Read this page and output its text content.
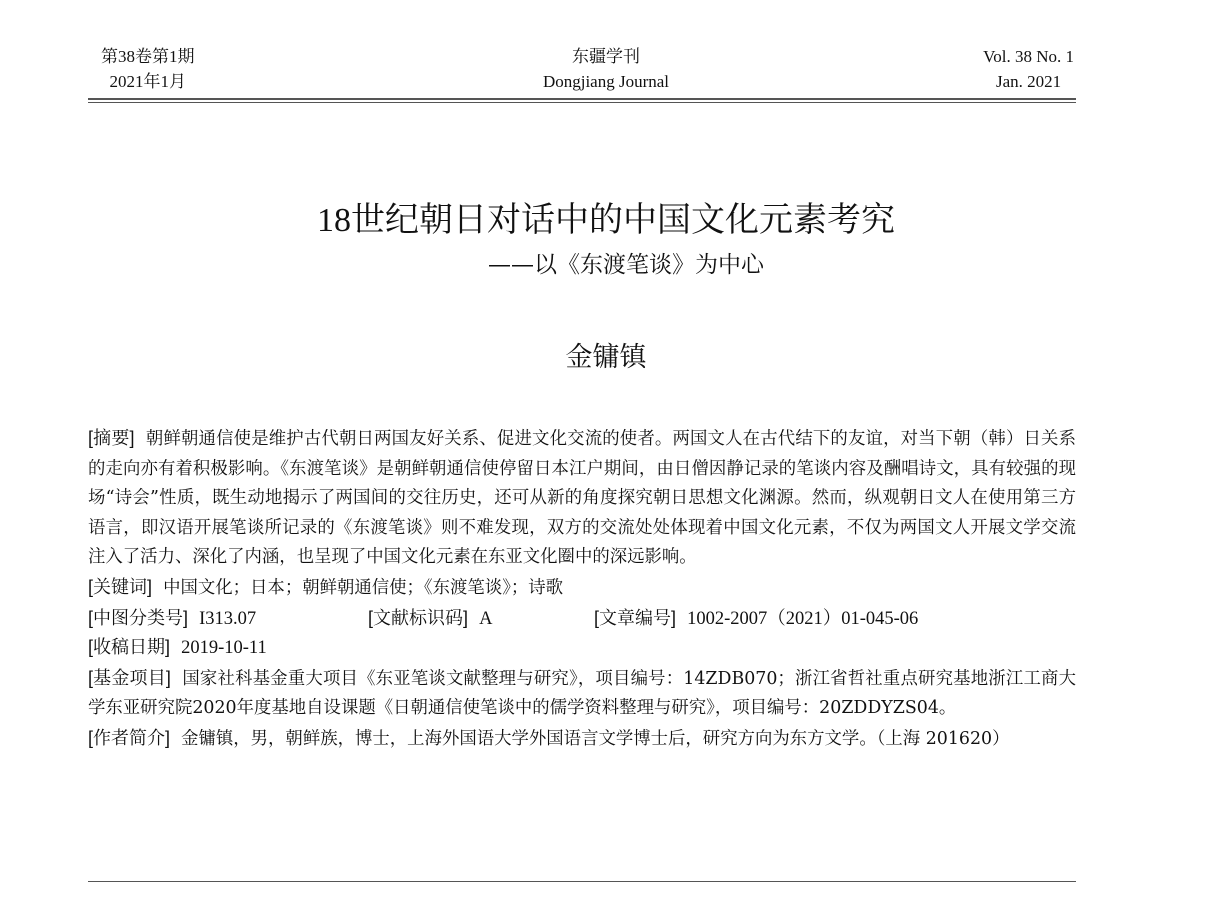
第38卷第1期
2021年1月
东疆学刊
Dongjiang Journal
Vol. 38 No. 1
Jan. 2021
18世纪朝日对话中的中国文化元素考究
——以《东渡笔谈》为中心
金镛镇

[摘要] 朝鲜朝通信使是维护古代朝日两国友好关系、促进文化交流的使者。两国文人在古代结下的友谊，对当下朝（韩）日关系的走向亦有着积极影响。《东渡笔谈》是朝鲜朝通信使停留日本江户期间，由日僧因静记录的笔谈内容及酬唱诗文，具有较强的现场“诗会”性质，既生动地揭示了两国间的交往历史，还可从新的角度探究朝日思想文化渊源。然而，纵观朝日文人在使用第三方语言，即汉语开展笔谈所记录的《东渡笔谈》则不难发现，双方的交流处处体现着中国文化元素，不仅为两国文人开展文学交流注入了活力、深化了内涵，也呈现了中国文化元素在东亚文化圈中的深远影响。

[关键词] 中国文化；日本；朝鲜朝通信使；《东渡笔谈》；诗歌

[中图分类号] I313.07	[文献标识码] A	[文章编号] 1002-2007（2021）01-045-06

[收稿日期] 2019-10-11

[基金项目] 国家社科基金重大项目《东亚笔谈文献整理与研究》，项目编号：14ZDB070；浙江省哲社重点研究基地浙江工商大学东亚研究院2020年度基地自设课题《日朝通信使笔谈中的儒学资料整理与研究》，项目编号：20ZDDYZS04。

[作者简介] 金镛镇，男，朝鲜族，博士，上海外国语大学外国语言文学博士后，研究方向为东方文学。（上海 201620）
